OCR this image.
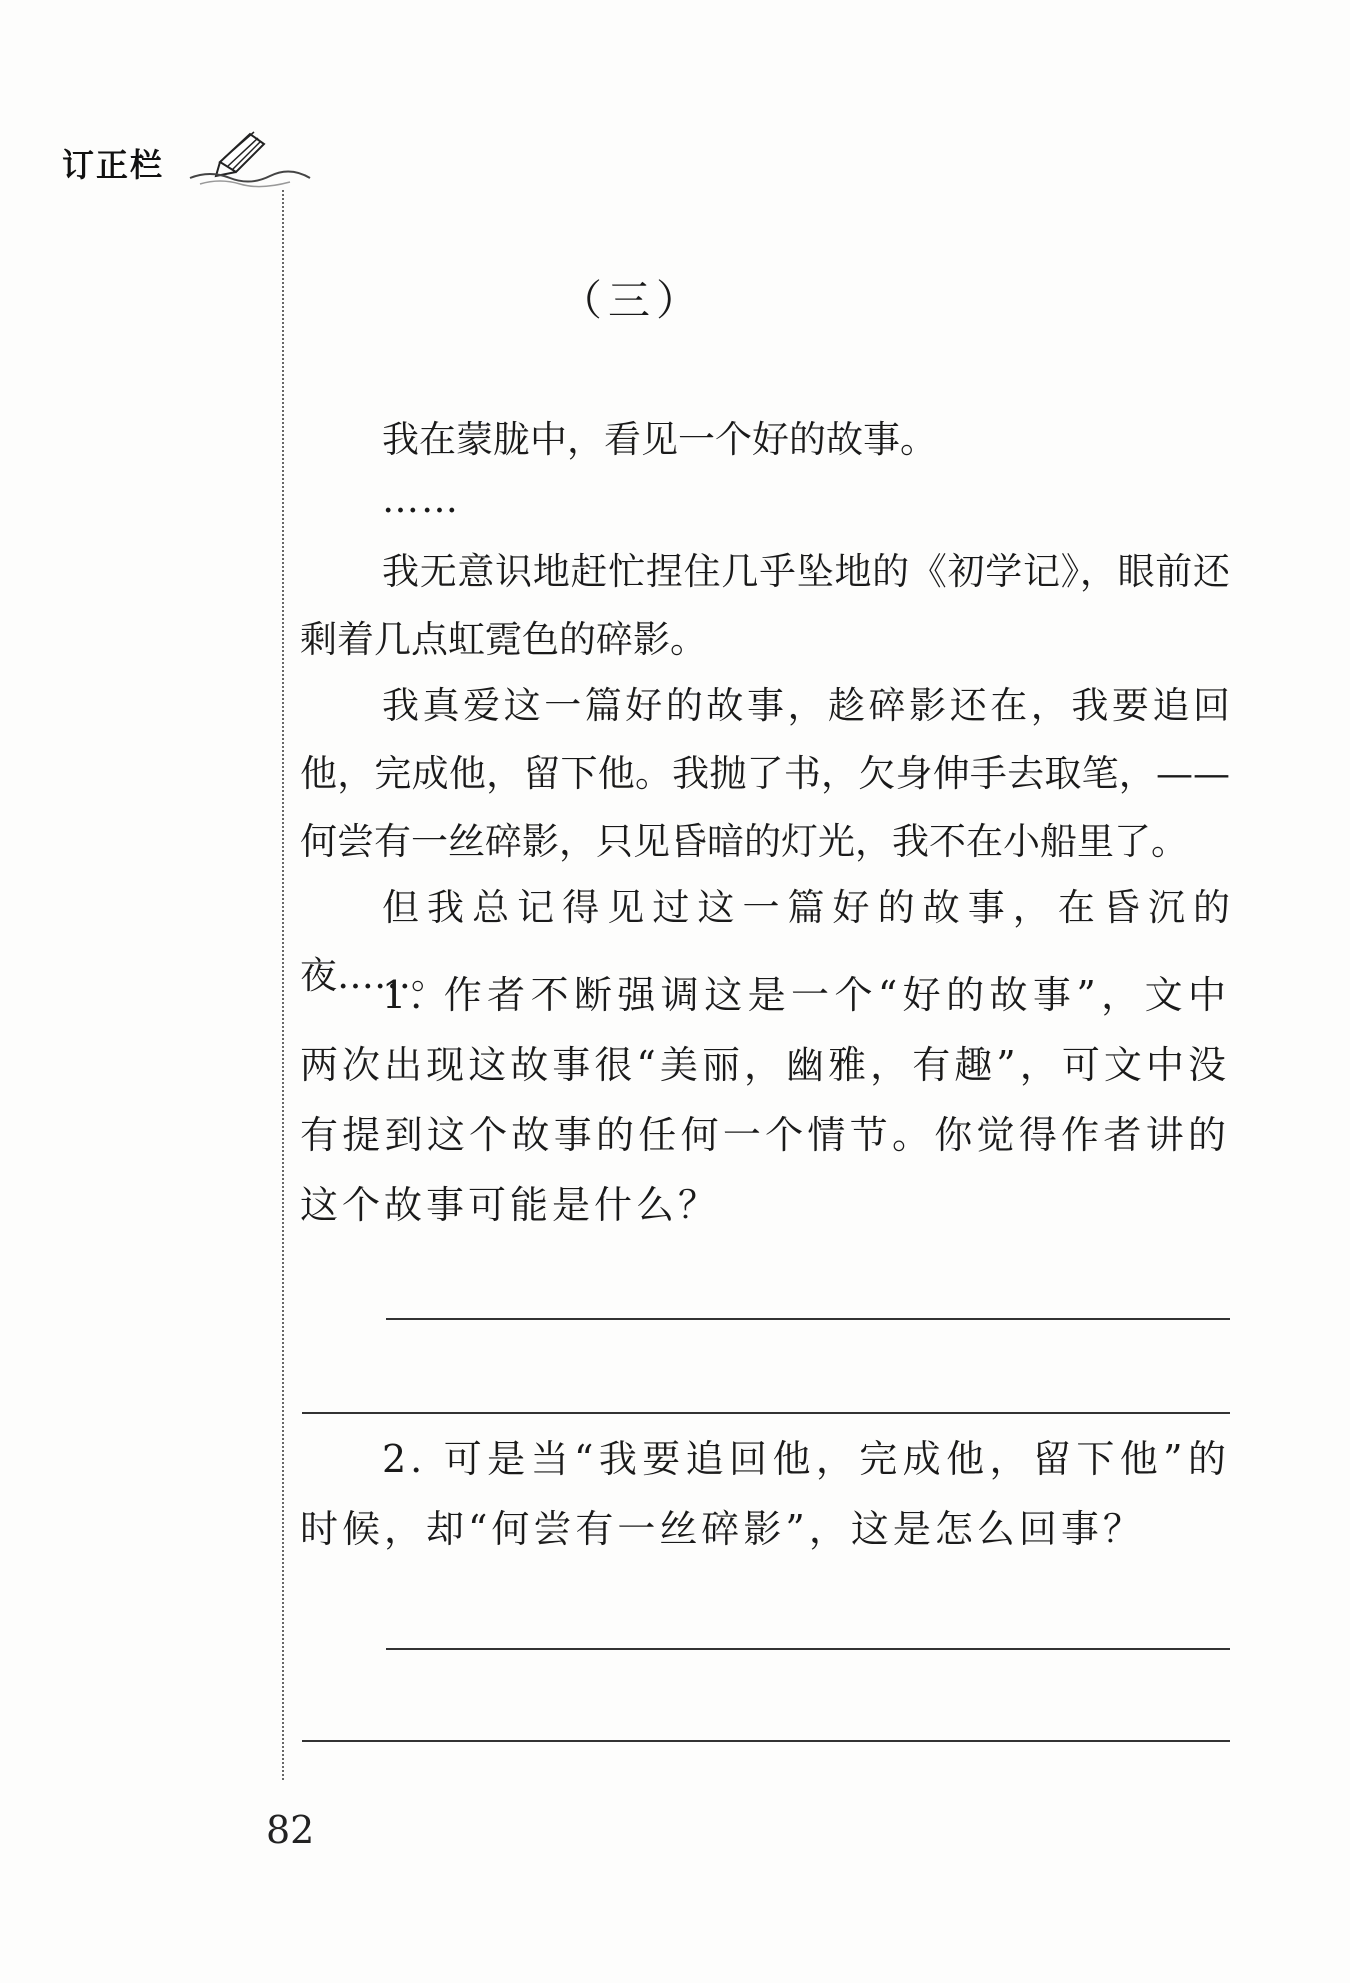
订正栏
（三）

我在蒙胧中，看见一个好的故事。

……

我无意识地赶忙捏住几乎坠地的《初学记》，眼前还剩着几点虹霓色的碎影。

我真爱这一篇好的故事，趁碎影还在，我要追回他，完成他，留下他。我抛了书，欠身伸手去取笔，——何尝有一丝碎影，只见昏暗的灯光，我不在小船里了。

但我总记得见过这一篇好的故事，在昏沉的夜……。

1. 作者不断强调这是一个“好的故事”，文中两次出现这故事很“美丽，幽雅，有趣”，可文中没有提到这个故事的任何一个情节。你觉得作者讲的这个故事可能是什么？

2. 可是当“我要追回他，完成他，留下他”的时候，却“何尝有一丝碎影”，这是怎么回事？

82
